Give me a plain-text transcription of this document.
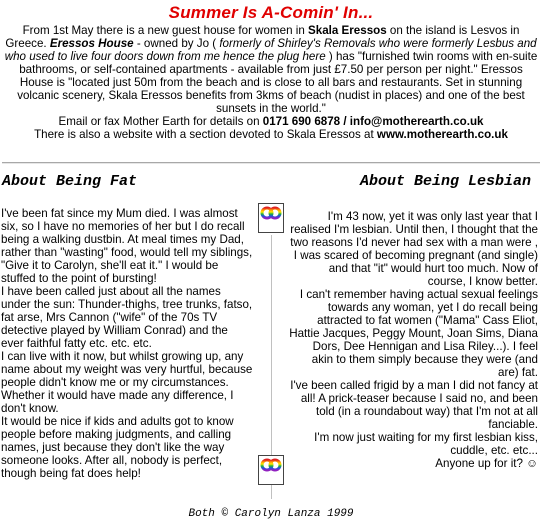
Summer Is A-Comin' In...
From 1st May there is a new guest house for women in Skala Eressos on the island is Lesvos in Greece. Eressos House - owned by Jo ( formerly of Shirley's Removals who were formerly Lesbus and who used to live four doors down from me hence the plug here ) has "furnished twin rooms with en-suite bathrooms, or self-contained apartments - available from just £7.50 per person per night." Eressos House is "located just 50m from the beach and is close to all bars and restaurants. Set in stunning volcanic scenery, Skala Eressos benefits from 3kms of beach (nudist in places) and one of the best sunsets in the world."
Email or fax Mother Earth for details on 0171 690 6878 / info@motherearth.co.uk
There is also a website with a section devoted to Skala Eressos at www.motherearth.co.uk
About Being Fat	About Being Lesbian

I've been fat since my Mum died. I was almost six, so I have no memories of her but I do recall being a walking dustbin. At meal times my Dad, rather than "wasting" food, would tell my siblings, "Give it to Carolyn, she'll eat it." I would be stuffed to the point of bursting!

I have been called just about all the names under the sun: Thunder-thighs, tree trunks, fatso, fat arse, Mrs Cannon ("wife" of the 70s TV detective played by William Conrad) and the ever faithful fatty etc. etc. etc.

I can live with it now, but whilst growing up, any name about my weight was very hurtful, because people didn't know me or my circumstances. Whether it would have made any difference, I don't know.

It would be nice if kids and adults got to know people before making judgments, and calling names, just because they don't like the way someone looks. After all, nobody is perfect, though being fat does help!

I'm 43 now, yet it was only last year that I realised I'm lesbian. Until then, I thought that the two reasons I'd never had sex with a man were , I was scared of becoming pregnant (and single) and that "it" would hurt too much. Now of course, I know better.

I can't remember having actual sexual feelings towards any woman, yet I do recall being attracted to fat women ("Mama" Cass Eliot, Hattie Jacques, Peggy Mount, Joan Sims, Diana Dors, Dee Hennigan and Lisa Riley...). I feel akin to them simply because they were (and are) fat.

I've been called frigid by a man I did not fancy at all! A prick-teaser because I said no, and been told (in a roundabout way) that I'm not at all fanciable.

I'm now just waiting for my first lesbian kiss, cuddle, etc. etc...

Anyone up for it? ☺

Both © Carolyn Lanza 1999
